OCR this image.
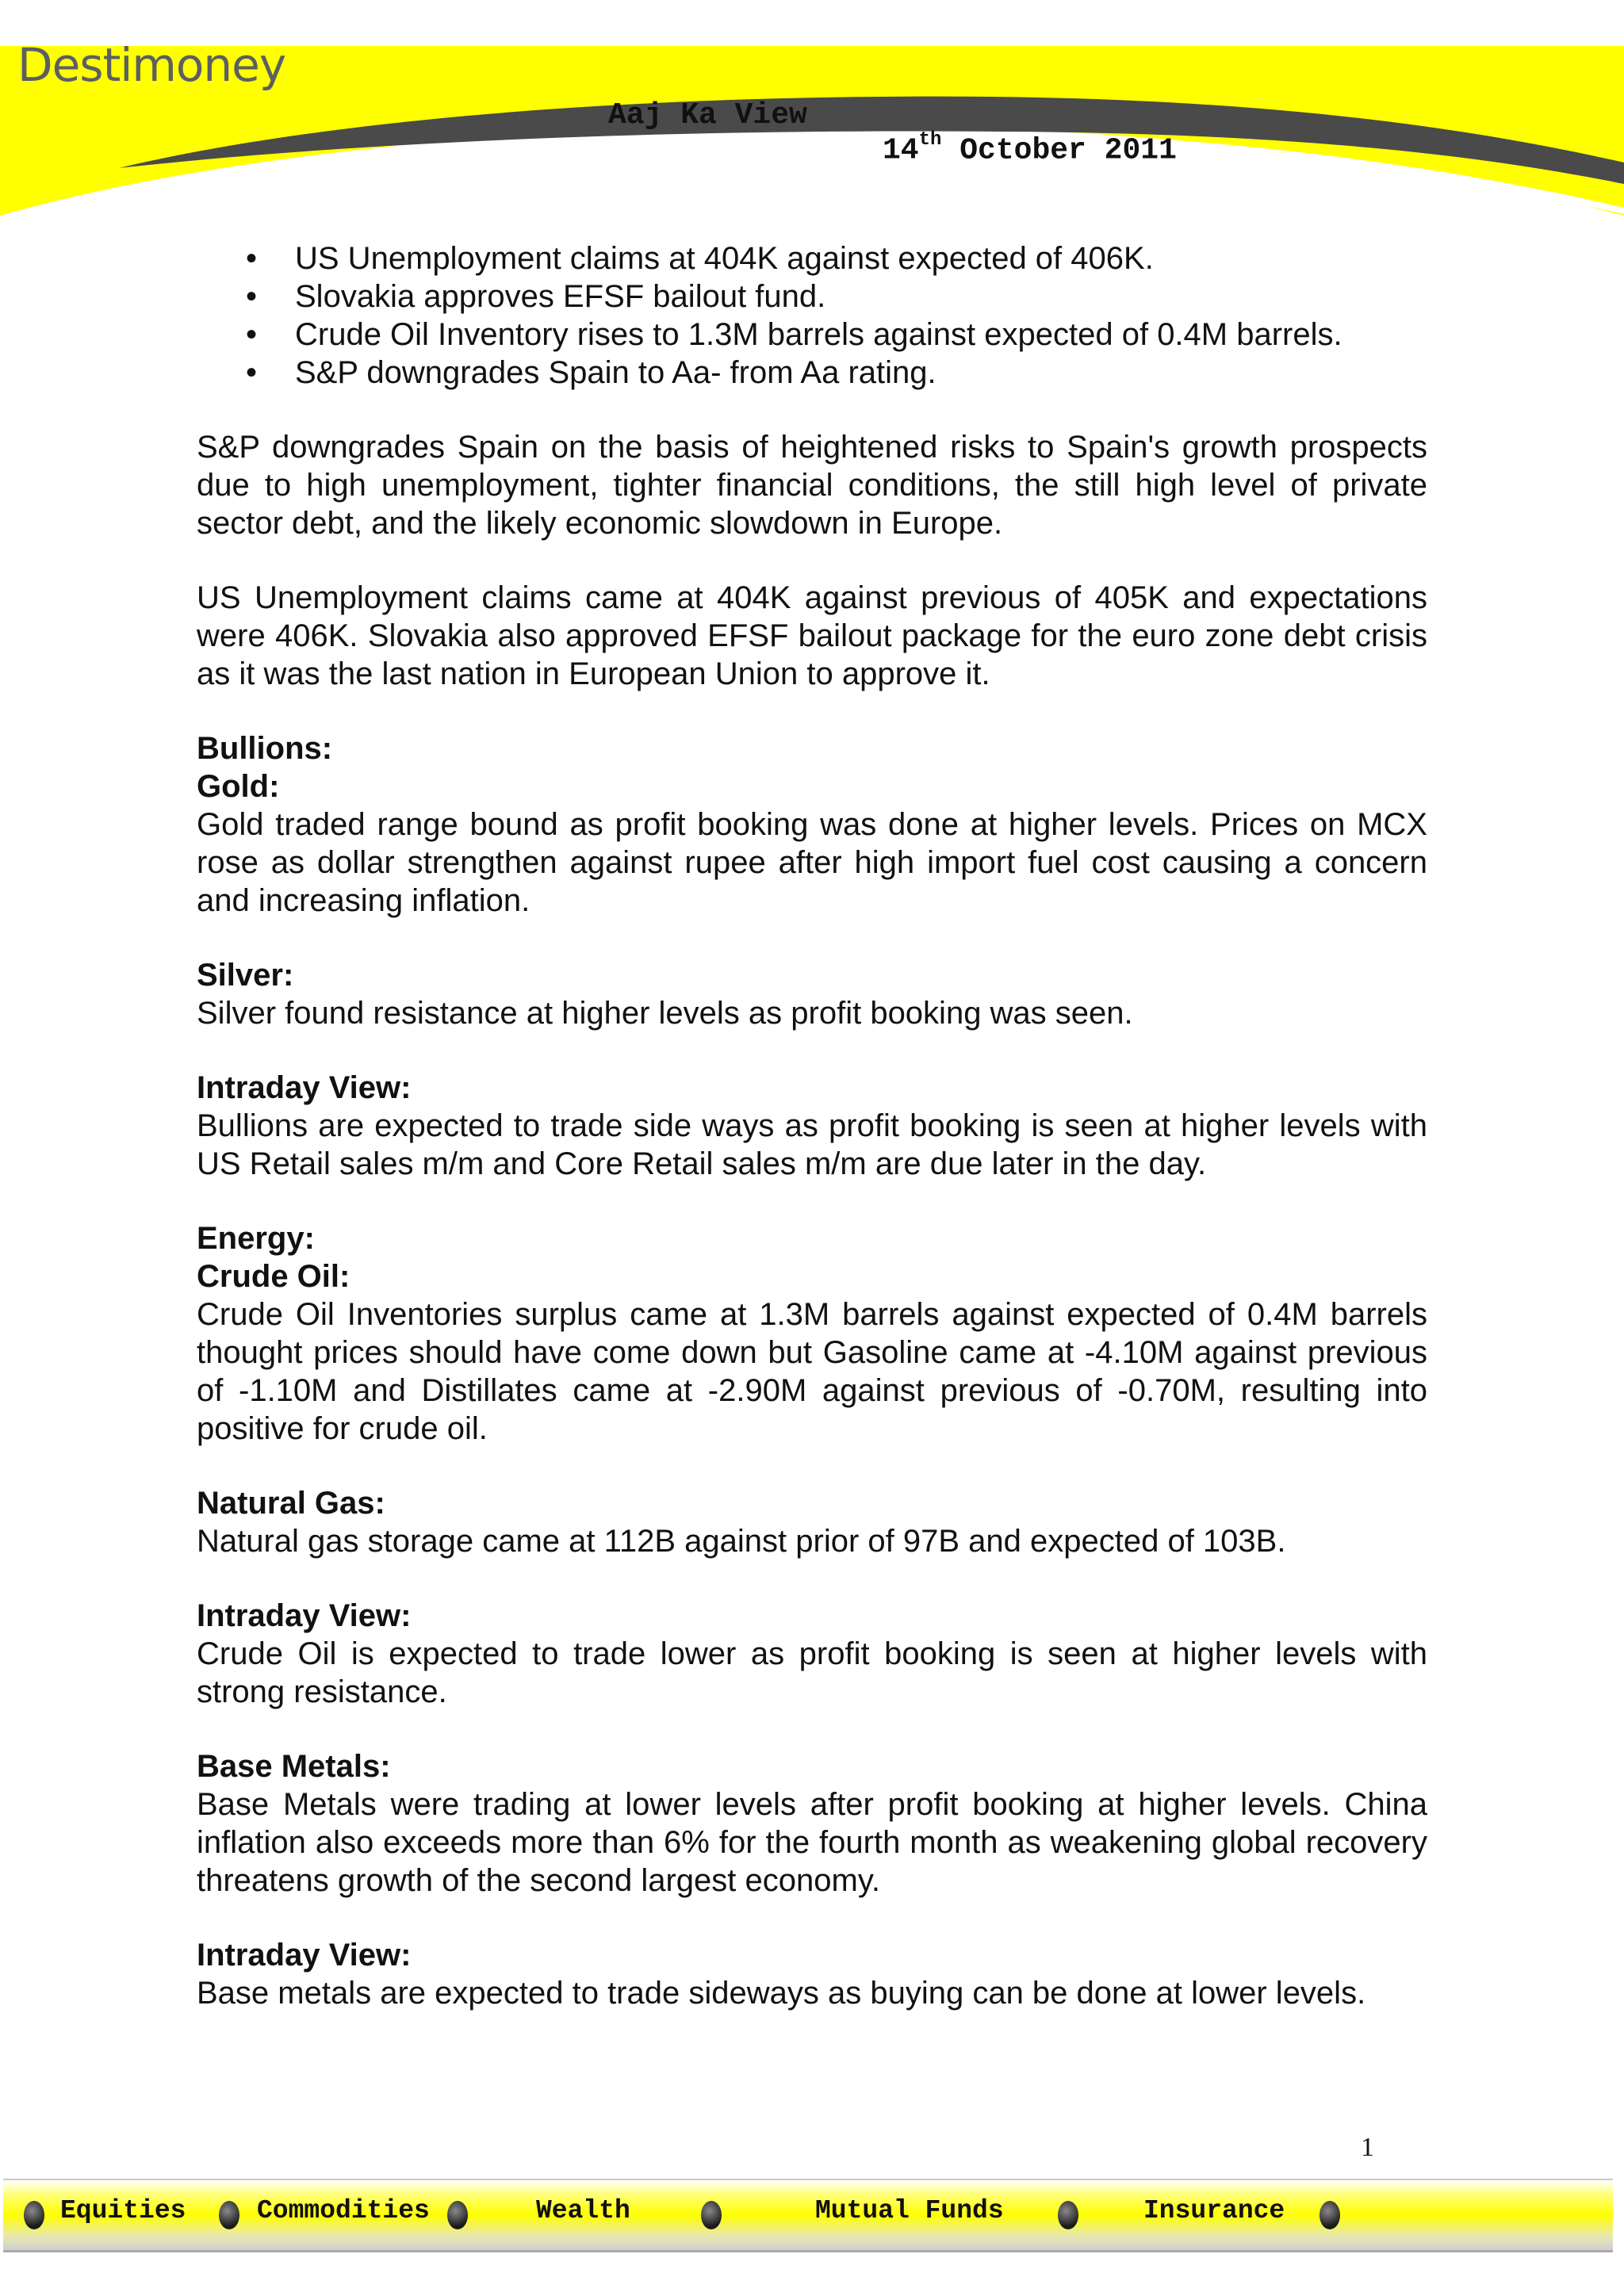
Destimoney
Aaj Ka View
14th October 2011
• US Unemployment claims at 404K against expected of 406K.
• Slovakia approves EFSF bailout fund.
• Crude Oil Inventory rises to 1.3M barrels against expected of 0.4M barrels.
• S&P downgrades Spain to Aa- from Aa rating.

S&P downgrades Spain on the basis of heightened risks to Spain's growth prospects due to high unemployment, tighter financial conditions, the still high level of private sector debt, and the likely economic slowdown in Europe.

US Unemployment claims came at 404K against previous of 405K and expectations were 406K. Slovakia also approved EFSF bailout package for the euro zone debt crisis as it was the last nation in European Union to approve it.

Bullions:
Gold:

Gold traded range bound as profit booking was done at higher levels. Prices on MCX rose as dollar strengthen against rupee after high import fuel cost causing a concern and increasing inflation.

Silver:

Silver found resistance at higher levels as profit booking was seen.

Intraday View:

Bullions are expected to trade side ways as profit booking is seen at higher levels with US Retail sales m/m and Core Retail sales m/m are due later in the day.

Energy:
Crude Oil:

Crude Oil Inventories surplus came at 1.3M barrels against expected of 0.4M barrels thought prices should have come down but Gasoline came at -4.10M against previous of -1.10M and Distillates came at -2.90M against previous of -0.70M, resulting into positive for crude oil.

Natural Gas:

Natural gas storage came at 112B against prior of 97B and expected of 103B.

Intraday View:

Crude Oil is expected to trade lower as profit booking is seen at higher levels with strong resistance.

Base Metals:

Base Metals were trading at lower levels after profit booking at higher levels. China inflation also exceeds more than 6% for the fourth month as weakening global recovery threatens growth of the second largest economy.

Intraday View:

Base metals are expected to trade sideways as buying can be done at lower levels.

1
Equities	Commodities	Wealth	Mutual Funds	Insurance
